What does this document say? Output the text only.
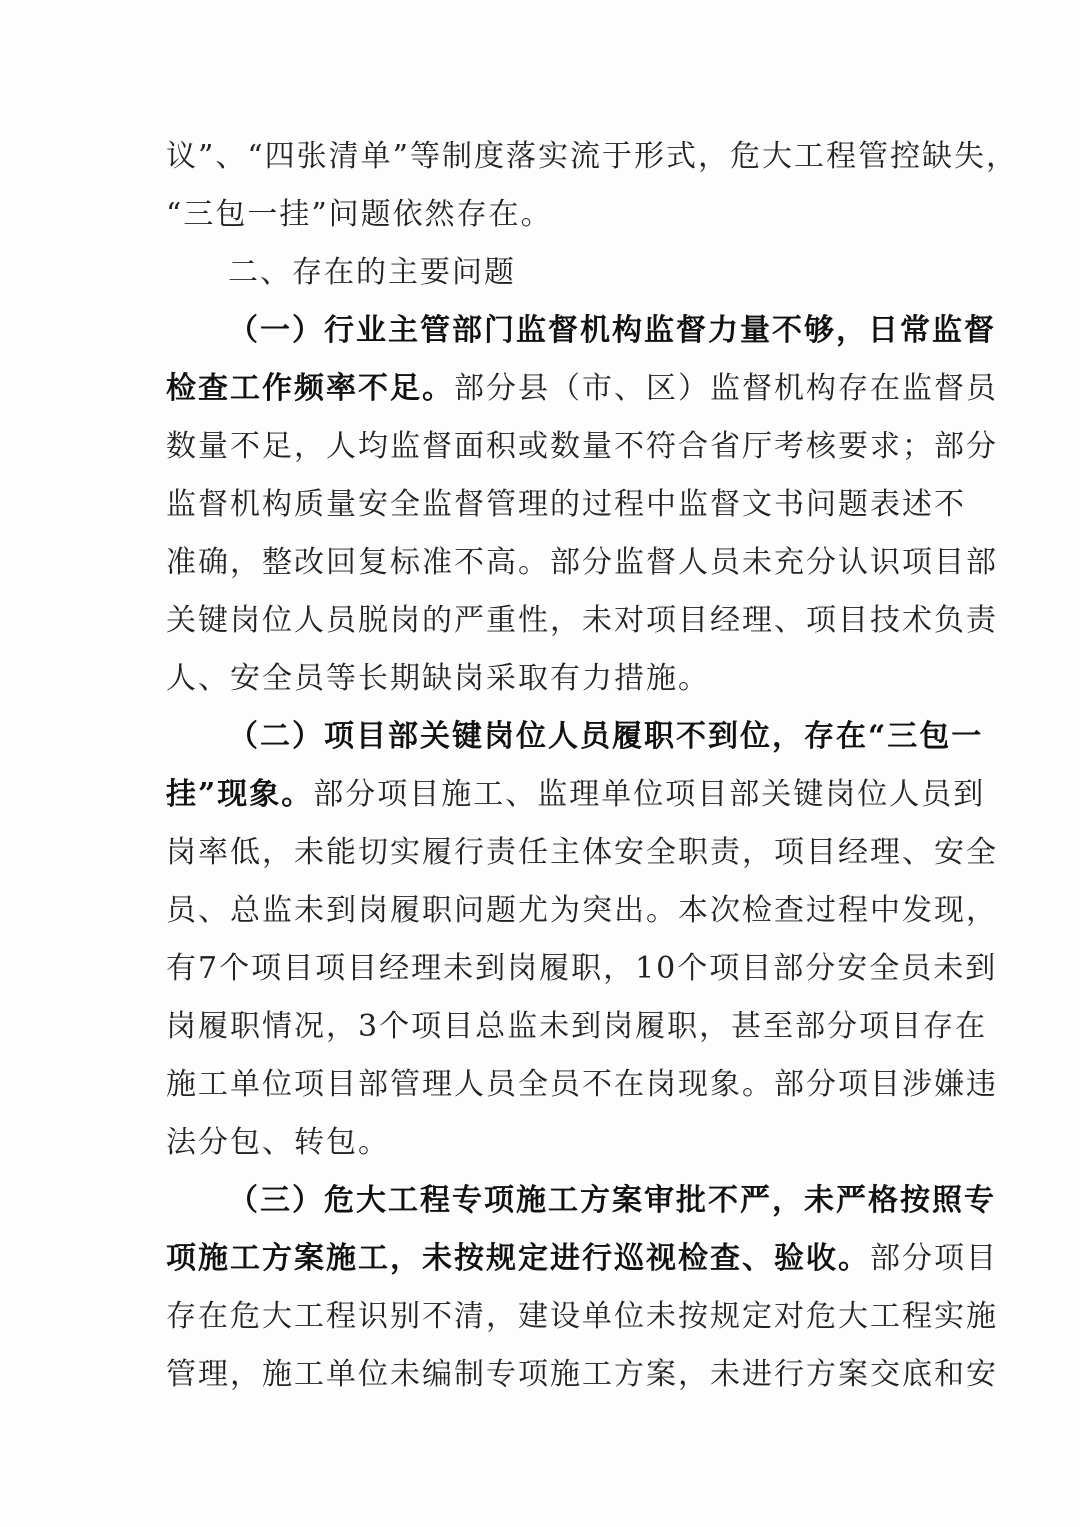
议”、“四张清单”等制度落实流于形式，危大工程管控缺失，
“三包一挂”问题依然存在。
二、存在的主要问题
（一）行业主管部门监督机构监督力量不够，日常监督
检查工作频率不足。部分县（市、区）监督机构存在监督员
数量不足，人均监督面积或数量不符合省厅考核要求；部分
监督机构质量安全监督管理的过程中监督文书问题表述不
准确，整改回复标准不高。部分监督人员未充分认识项目部
关键岗位人员脱岗的严重性，未对项目经理、项目技术负责
人、安全员等长期缺岗采取有力措施。
（二）项目部关键岗位人员履职不到位，存在“三包一
挂”现象。部分项目施工、监理单位项目部关键岗位人员到
岗率低，未能切实履行责任主体安全职责，项目经理、安全
员、总监未到岗履职问题尤为突出。本次检查过程中发现，
有7个项目项目经理未到岗履职，10个项目部分安全员未到
岗履职情况，3个项目总监未到岗履职，甚至部分项目存在
施工单位项目部管理人员全员不在岗现象。部分项目涉嫌违
法分包、转包。
（三）危大工程专项施工方案审批不严，未严格按照专
项施工方案施工，未按规定进行巡视检查、验收。部分项目
存在危大工程识别不清，建设单位未按规定对危大工程实施
管理，施工单位未编制专项施工方案，未进行方案交底和安
